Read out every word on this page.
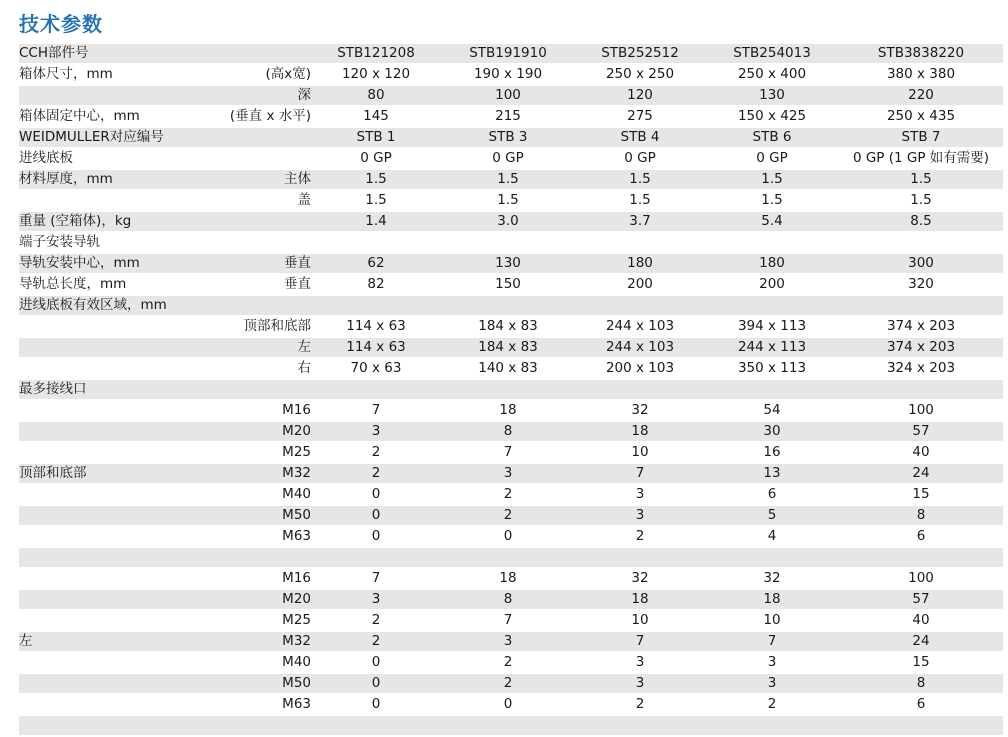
技术参数
CCH部件号		STB121208		STB191910		STB252512		STB254013		STB3838220
箱体尺寸，mm	(高x宽)	120 x 120		190 x 190		250 x 250		250 x 400		380 x 380
	深	80		100		120		130		220
箱体固定中心，mm	(垂直 x 水平)	145		215		275		150 x 425		250 x 435
WEIDMULLER对应编号		STB 1		STB 3		STB 4		STB 6		STB 7
进线底板		0 GP		0 GP		0 GP		0 GP		0 GP (1 GP 如有需要)
材料厚度，mm	主体	1.5		1.5		1.5		1.5		1.5
	盖	1.5		1.5		1.5		1.5		1.5
重量 (空箱体)，kg		1.4		3.0		3.7		5.4		8.5
端子安装导轨										
导轨安装中心，mm	垂直	62		130		180		180		300
导轨总长度，mm	垂直	82		150		200		200		320
进线底板有效区域，mm										
	顶部和底部	114 x 63		184 x 83		244 x 103		394 x 113		374 x 203
	左	114 x 63		184 x 83		244 x 103		244 x 113		374 x 203
	右	70 x 63		140 x 83		200 x 103		350 x 113		324 x 203
最多接线口										
	M16	7		18		32		54		100
	M20	3		8		18		30		57
	M25	2		7		10		16		40
顶部和底部	M32	2		3		7		13		24
	M40	0		2		3		6		15
	M50	0		2		3		5		8
	M63	0		0		2		4		6

	M16	7		18		32		32		100
	M20	3		8		18		18		57
	M25	2		7		10		10		40
左	M32	2		3		7		7		24
	M40	0		2		3		3		15
	M50	0		2		3		3		8
	M63	0		0		2		2		6
